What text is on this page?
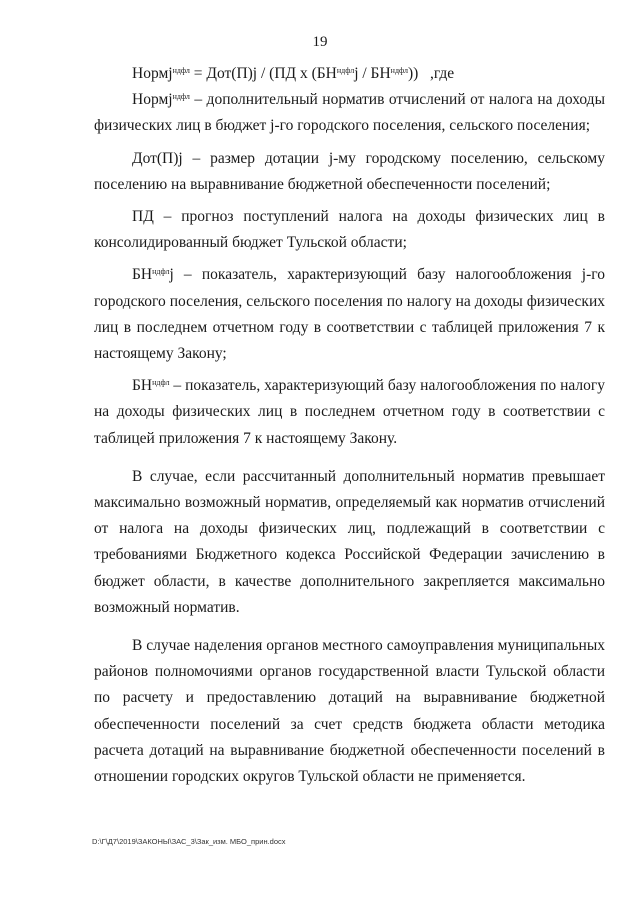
19

Нормj$^{ндфл}$ = Дот(П)j / (ПД х $(БН^{ндфл}j / БН^{ндфл})$)   ,где

Нормj$^{ндфл}$ – дополнительный норматив отчислений от налога на доходы физических лиц в бюджет j-го городского поселения, сельского поселения;

Дот(П)j – размер дотации j-му городскому поселению, сельскому поселению на выравнивание бюджетной обеспеченности поселений;

ПД – прогноз поступлений налога на доходы физических лиц в консолидированный бюджет Тульской области;

$БН^{ндфл}j$ – показатель, характеризующий базу налогообложения j-го городского поселения, сельского поселения по налогу на доходы физических лиц в последнем отчетном году в соответствии с таблицей приложения 7 к настоящему Закону;

$БН^{ндфл}$ – показатель, характеризующий базу налогообложения по налогу на доходы физических лиц в последнем отчетном году в соответствии с таблицей приложения 7 к настоящему Закону.

В случае, если рассчитанный дополнительный норматив превышает максимально возможный норматив, определяемый как норматив отчислений от налога на доходы физических лиц, подлежащий в соответствии с требованиями Бюджетного кодекса Российской Федерации зачислению в бюджет области, в качестве дополнительного закрепляется максимально возможный норматив.

В случае наделения органов местного самоуправления муниципальных районов полномочиями органов государственной власти Тульской области по расчету и предоставлению дотаций на выравнивание бюджетной обеспеченности поселений за счет средств бюджета области методика расчета дотаций на выравнивание бюджетной обеспеченности поселений в отношении городских округов Тульской области не применяется.

D:\Г\Д7\2019\ЗАКОНЫ\ЗАС_3\Зак_изм. МБО_прин.docx
